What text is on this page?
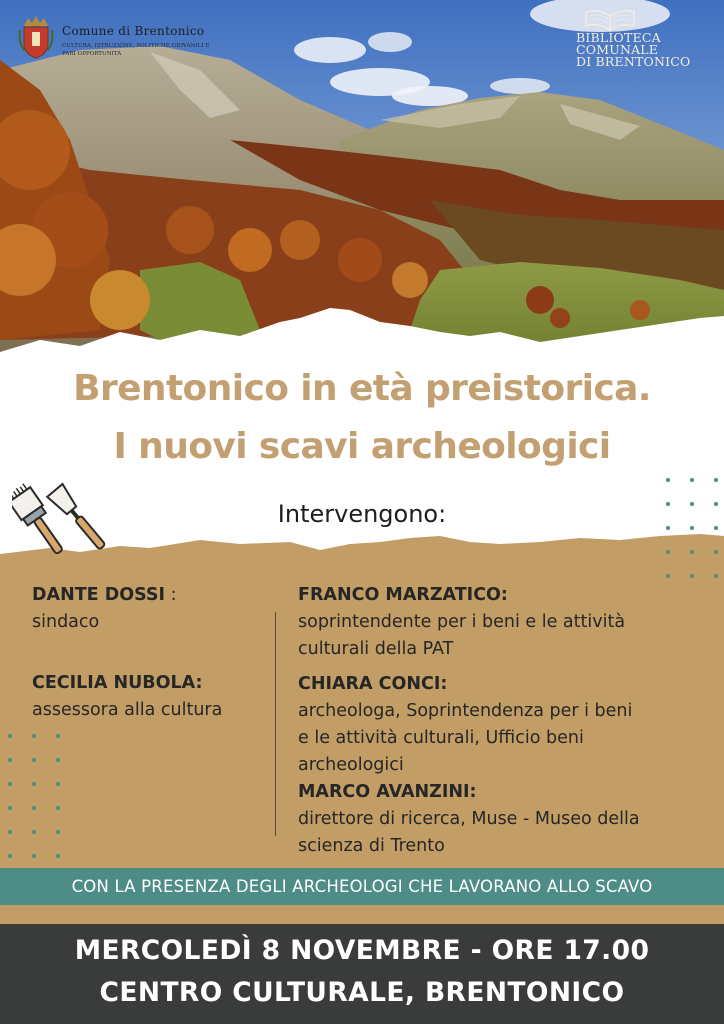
Comune di Brentonico
CULTURA, ISTRUZIONE, POLITICHE GIOVANILI E PARI OPPORTUNITÀ
BIBLIOTECA
COMUNALE
DI BRENTONICO
Brentonico in età preistorica.
I nuovi scavi archeologici
Intervengono:
DANTE DOSSI :
sindaco
CECILIA NUBOLA:
assessora alla cultura
FRANCO MARZATICO:
soprintendente per i beni e le attività
culturali della PAT
CHIARA CONCI:
archeologa, Soprintendenza per i beni
e le attività culturali, Ufficio beni
archeologici
MARCO AVANZINI:
direttore di ricerca, Muse - Museo della
scienza di Trento
CON LA PRESENZA DEGLI ARCHEOLOGI CHE LAVORANO ALLO SCAVO
MERCOLEDÌ 8 NOVEMBRE - ORE 17.00
CENTRO CULTURALE, BRENTONICO
